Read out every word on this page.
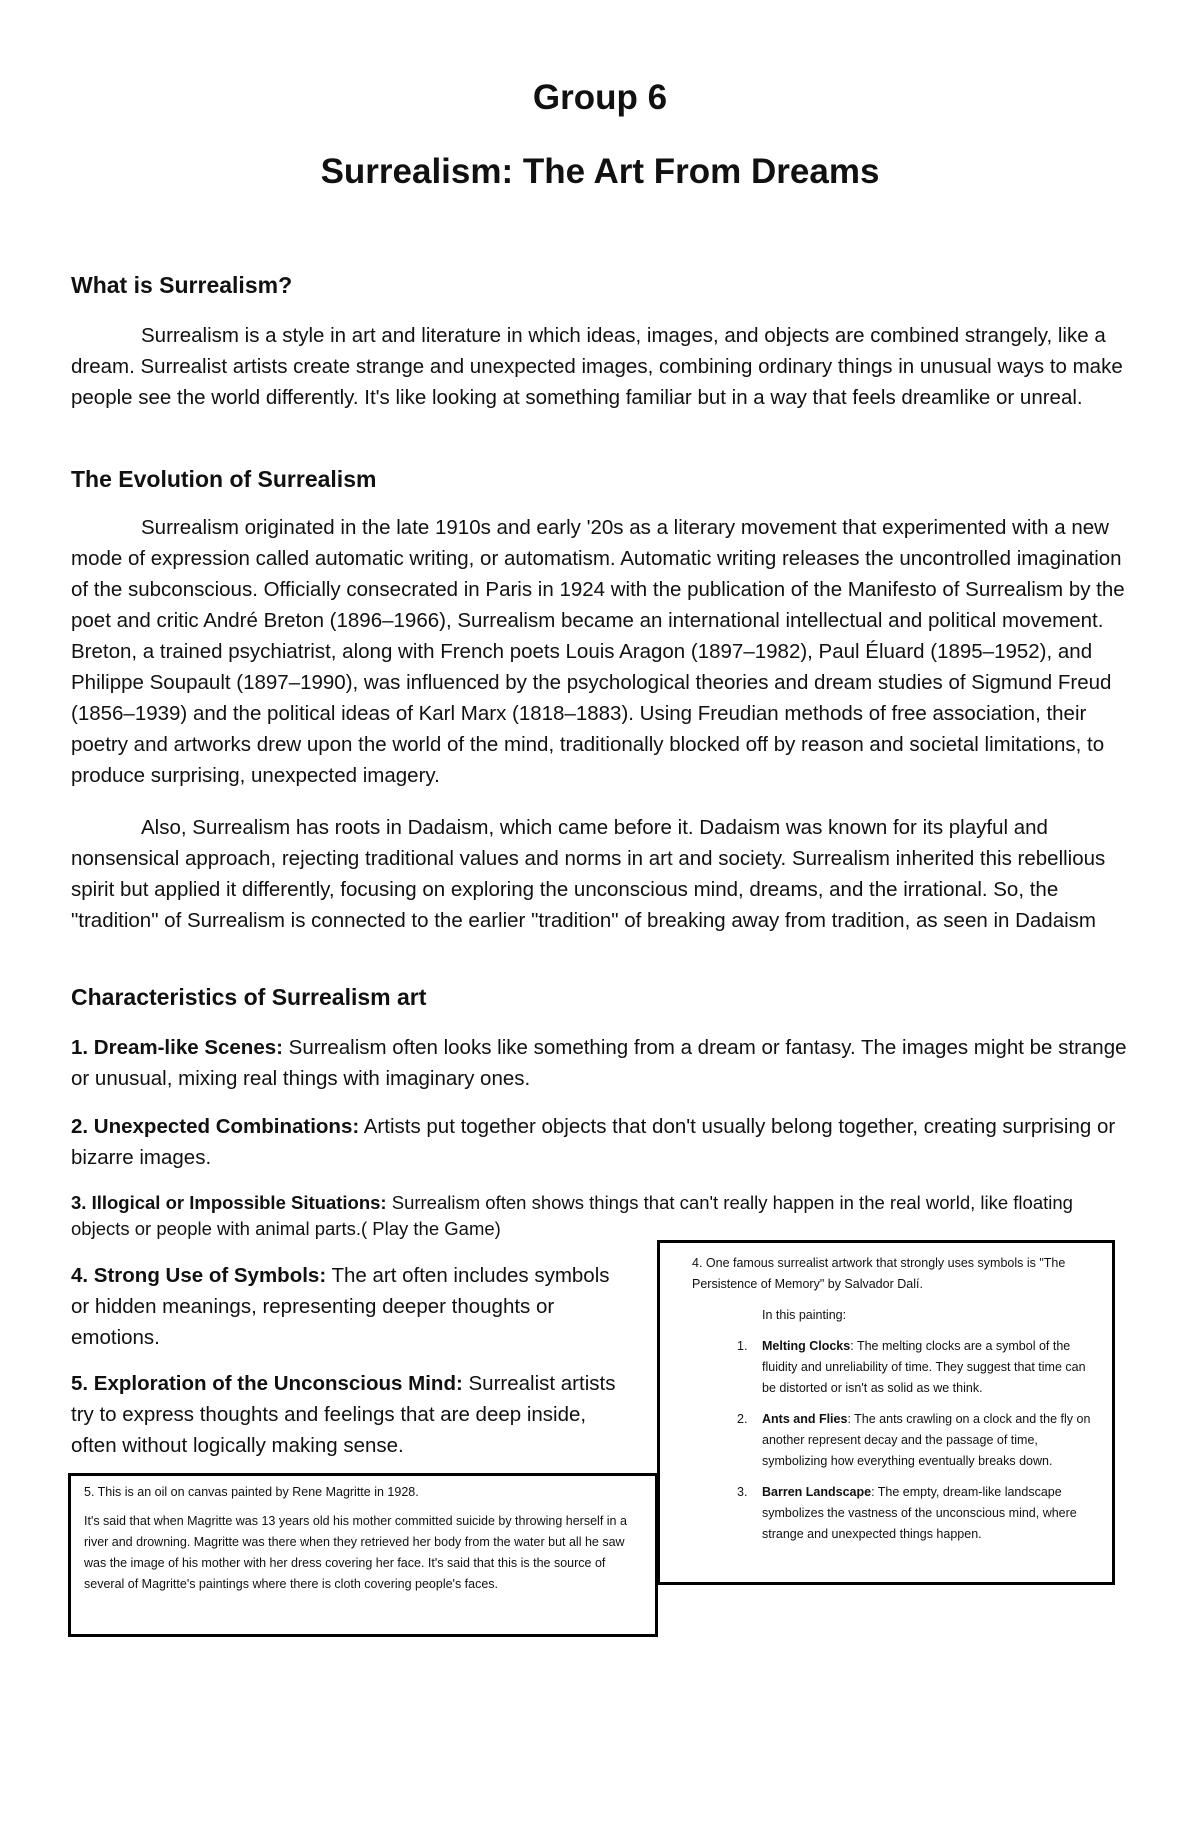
Group 6
Surrealism: The Art From Dreams
What is Surrealism?

Surrealism is a style in art and literature in which ideas, images, and objects are combined strangely, like a dream. Surrealist artists create strange and unexpected images, combining ordinary things in unusual ways to make people see the world differently. It's like looking at something familiar but in a way that feels dreamlike or unreal.

The Evolution of Surrealism

Surrealism originated in the late 1910s and early '20s as a literary movement that experimented with a new mode of expression called automatic writing, or automatism. Automatic writing releases the uncontrolled imagination of the subconscious. Officially consecrated in Paris in 1924 with the publication of the Manifesto of Surrealism by the poet and critic André Breton (1896–1966), Surrealism became an international intellectual and political movement. Breton, a trained psychiatrist, along with French poets Louis Aragon (1897–1982), Paul Éluard (1895–1952), and Philippe Soupault (1897–1990), was influenced by the psychological theories and dream studies of Sigmund Freud (1856–1939) and the political ideas of Karl Marx (1818–1883). Using Freudian methods of free association, their poetry and artworks drew upon the world of the mind, traditionally blocked off by reason and societal limitations, to produce surprising, unexpected imagery.

Also, Surrealism has roots in Dadaism, which came before it. Dadaism was known for its playful and nonsensical approach, rejecting traditional values and norms in art and society. Surrealism inherited this rebellious spirit but applied it differently, focusing on exploring the unconscious mind, dreams, and the irrational. So, the "tradition" of Surrealism is connected to the earlier "tradition" of breaking away from tradition, as seen in Dadaism

Characteristics of Surrealism art

1. Dream-like Scenes: Surrealism often looks like something from a dream or fantasy. The images might be strange or unusual, mixing real things with imaginary ones.

2. Unexpected Combinations: Artists put together objects that don't usually belong together, creating surprising or bizarre images.

3. Illogical or Impossible Situations: Surrealism often shows things that can't really happen in the real world, like floating objects or people with animal parts.( Play the Game)

4. Strong Use of Symbols: The art often includes symbols or hidden meanings, representing deeper thoughts or emotions.

5. Exploration of the Unconscious Mind: Surrealist artists try to express thoughts and feelings that are deep inside, often without logically making sense.

5. This is an oil on canvas painted by Rene Magritte in 1928.

It's said that when Magritte was 13 years old his mother committed suicide by throwing herself in a river and drowning. Magritte was there when they retrieved her body from the water but all he saw was the image of his mother with her dress covering her face. It's said that this is the source of several of Magritte's paintings where there is cloth covering people's faces.

4. One famous surrealist artwork that strongly uses symbols is "The Persistence of Memory" by Salvador Dalí.

In this painting:

1. Melting Clocks: The melting clocks are a symbol of the fluidity and unreliability of time. They suggest that time can be distorted or isn't as solid as we think.
2. Ants and Flies: The ants crawling on a clock and the fly on another represent decay and the passage of time, symbolizing how everything eventually breaks down.
3. Barren Landscape: The empty, dream-like landscape symbolizes the vastness of the unconscious mind, where strange and unexpected things happen.
